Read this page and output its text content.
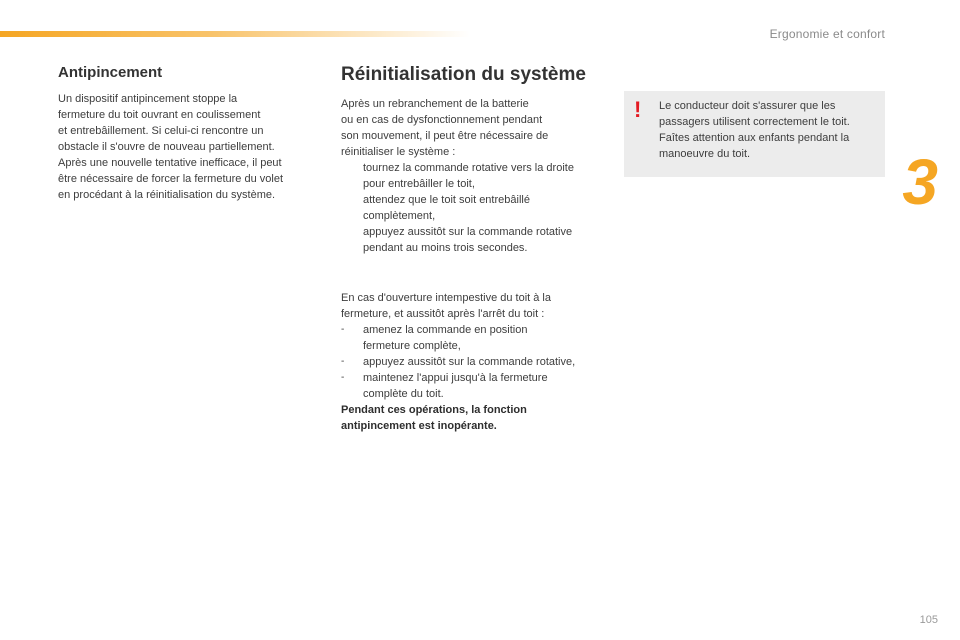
Ergonomie et confort
3
Antipincement

Un dispositif antipincement stoppe la
fermeture du toit ouvrant en coulissement
et entrebâillement. Si celui-ci rencontre un
obstacle il s'ouvre de nouveau partiellement.
Après une nouvelle tentative inefficace, il peut
être nécessaire de forcer la fermeture du volet
en procédant à la réinitialisation du système.

Réinitialisation du système

Après un rebranchement de la batterie
ou en cas de dysfonctionnement pendant
son mouvement, il peut être nécessaire de
réinitialiser le système :

tournez la commande rotative vers la droite
pour entrebâiller le toit,
attendez que le toit soit entrebâillé
complètement,
appuyez aussitôt sur la commande rotative
pendant au moins trois secondes.

En cas d'ouverture intempestive du toit à la
fermeture, et aussitôt après l'arrêt du toit :

-	amenez la commande en position
fermeture complète,
-	appuyez aussitôt sur la commande rotative,
-	maintenez l'appui jusqu'à la fermeture
complète du toit.

Pendant ces opérations, la fonction
antipincement est inopérante.

! Le conducteur doit s'assurer que les
passagers utilisent correctement le toit.
Faîtes attention aux enfants pendant la
manoeuvre du toit.

105
